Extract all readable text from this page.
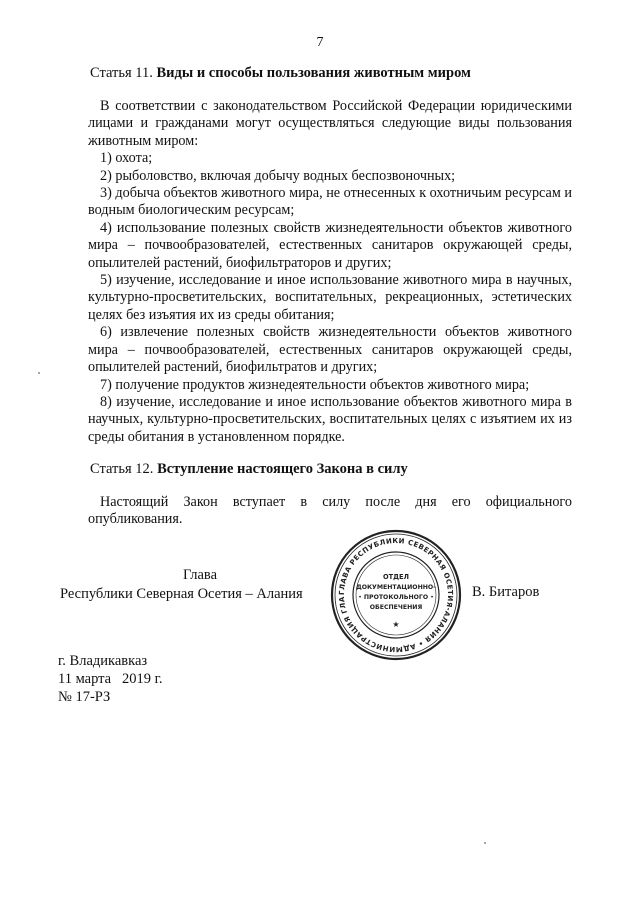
7
Статья 11. Виды и способы пользования животным миром

В соответствии с законодательством Российской Федерации юридическими лицами и гражданами могут осуществляться следующие виды пользования животным миром:

1) охота;

2) рыболовство, включая добычу водных беспозвоночных;

3) добыча объектов животного мира, не отнесенных к охотничьим ресурсам и водным биологическим ресурсам;

4) использование полезных свойств жизнедеятельности объектов животного мира – почвообразователей, естественных санитаров окружающей среды, опылителей растений, биофильтраторов и других;

5) изучение, исследование и иное использование животного мира в научных, культурно-просветительских, воспитательных, рекреационных, эстетических целях без изъятия их из среды обитания;

6) извлечение полезных свойств жизнедеятельности объектов животного мира – почвообразователей, естественных санитаров окружающей среды, опылителей растений, биофильтратов и других;

7) получение продуктов жизнедеятельности объектов животного мира;

8) изучение, исследование и иное использование объектов животного мира в научных, культурно-просветительских, воспитательных целях с изъятием их из среды обитания в установленном порядке.

Статья 12. Вступление настоящего Закона в силу

Настоящий Закон вступает в силу после дня его официального опубликования.

Глава
Республики Северная Осетия – Алания	ГЛАВА РЕСПУБЛИКИ СЕВЕРНАЯ ОСЕТИЯ-АЛАНИЯ • АДМИНИСТРАЦИЯ ГЛА
ОТДЕЛ
ДОКУМЕНТАЦИОННО-
ПРОТОКОЛЬНОГО
ОБЕСПЕЧЕНИЯ
★
•	•	В. Битаров
г. Владикавказ
11 марта   2019 г.
№ 17-РЗ
